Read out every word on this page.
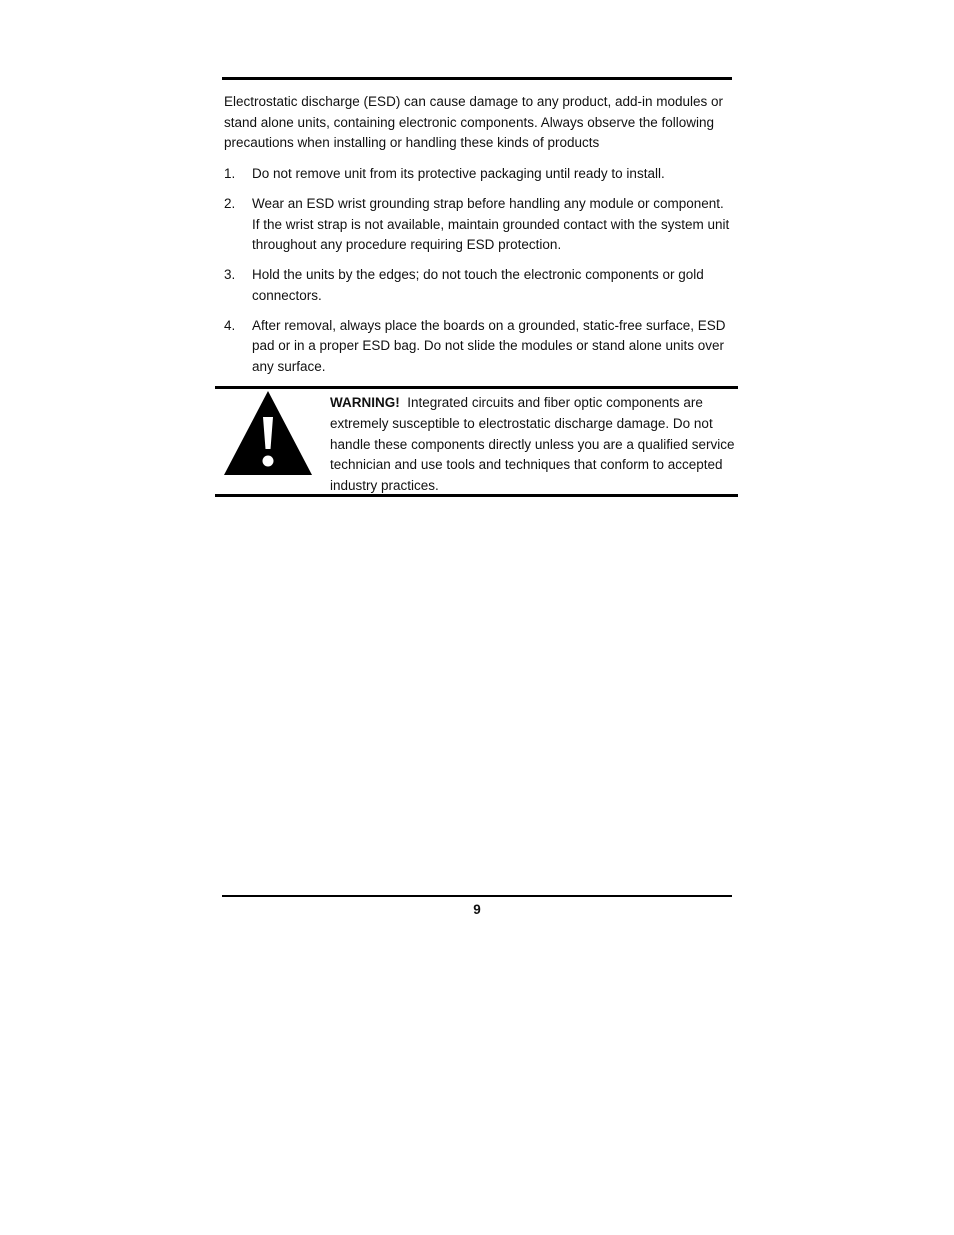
Electrostatic discharge (ESD) can cause damage to any product, add-in modules or stand alone units, containing electronic components. Always observe the following precautions when installing or handling these kinds of products

1.	Do not remove unit from its protective packaging until ready to install.
2.	Wear an ESD wrist grounding strap before handling any module or component. If the wrist strap is not available, maintain grounded contact with the system unit throughout any procedure requiring ESD protection.
3.	Hold the units by the edges; do not touch the electronic components or gold connectors.
4.	After removal, always place the boards on a grounded, static-free surface, ESD pad or in a proper ESD bag. Do not slide the modules or stand alone units over any surface.

WARNING! Integrated circuits and fiber optic components are extremely susceptible to electrostatic discharge damage. Do not handle these components directly unless you are a qualified service technician and use tools and techniques that conform to accepted industry practices.

9
